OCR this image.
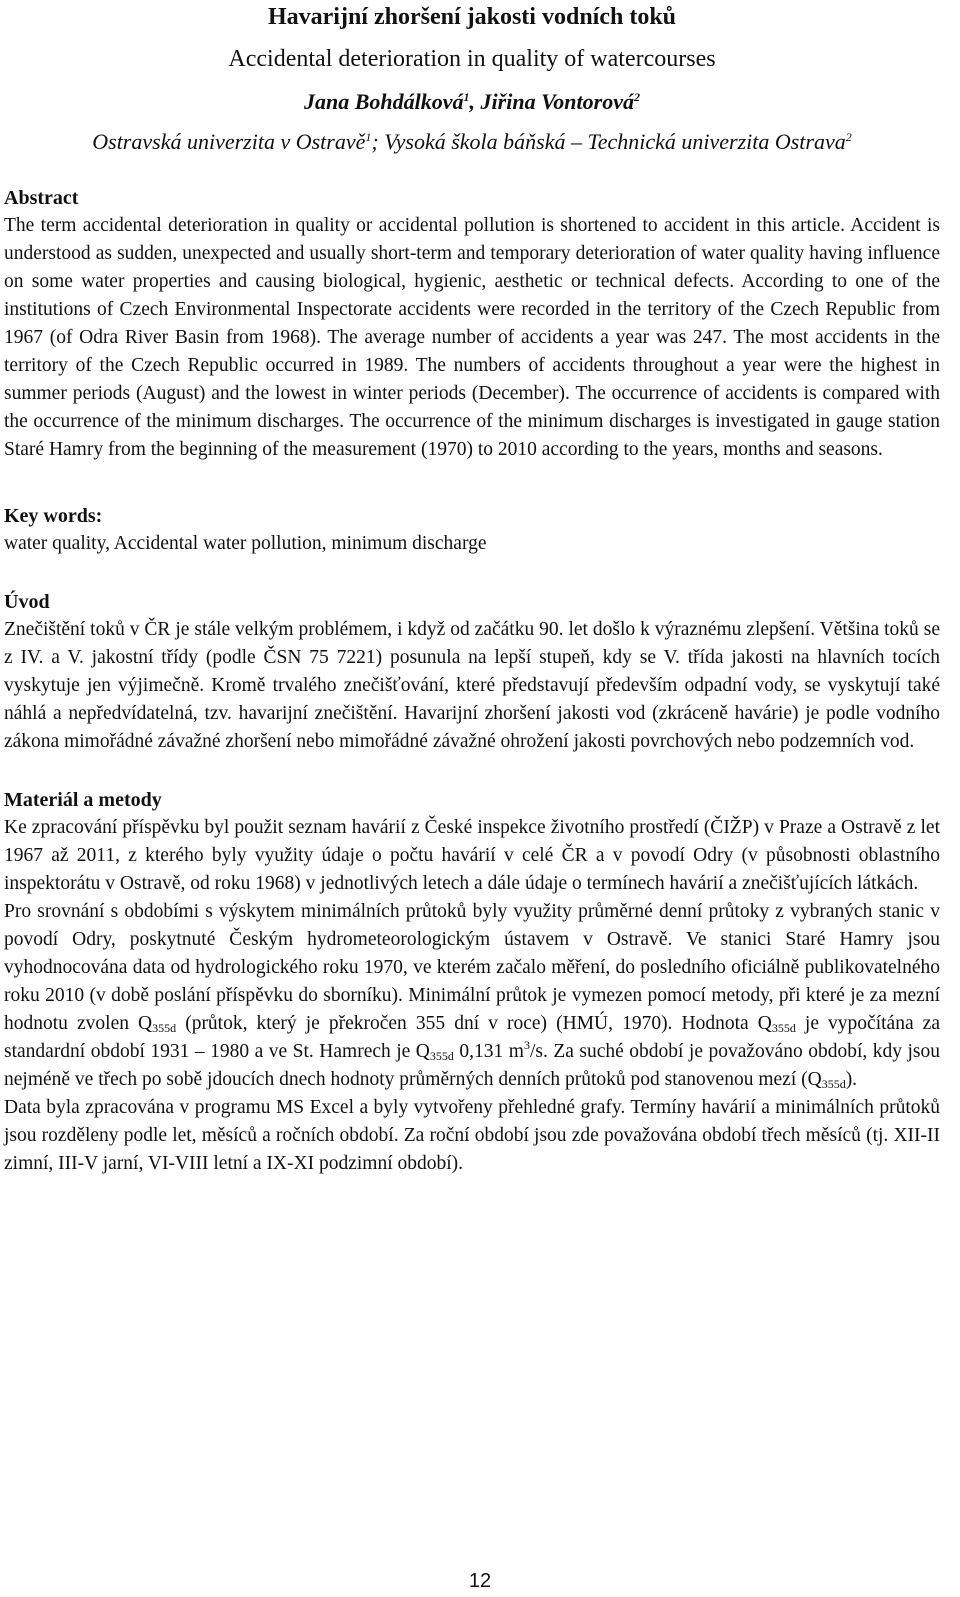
Havarijní zhoršení jakosti vodních toků
Accidental deterioration in quality of watercourses
Jana Bohdálková$^1$, Jiřina Vontorová$^2$
Ostravská univerzita v Ostravě$^1$; Vysoká škola báňská – Technická univerzita Ostrava$^2$
Abstract

The term accidental deterioration in quality or accidental pollution is shortened to accident in this article. Accident is understood as sudden, unexpected and usually short-term and temporary deterioration of water quality having influence on some water properties and causing biological, hygienic, aesthetic or technical defects. According to one of the institutions of Czech Environmental Inspectorate accidents were recorded in the territory of the Czech Republic from 1967 (of Odra River Basin from 1968). The average number of accidents a year was 247. The most accidents in the territory of the Czech Republic occurred in 1989. The numbers of accidents throughout a year were the highest in summer periods (August) and the lowest in winter periods (December). The occurrence of accidents is compared with the occurrence of the minimum discharges. The occurrence of the minimum discharges is investigated in gauge station Staré Hamry from the beginning of the measurement (1970) to 2010 according to the years, months and seasons.

Key words:

water quality, Accidental water pollution, minimum discharge

Úvod

Znečištění toků v ČR je stále velkým problémem, i když od začátku 90. let došlo k výraznému zlepšení. Většina toků se z IV. a V. jakostní třídy (podle ČSN 75 7221) posunula na lepší stupeň, kdy se V. třída jakosti na hlavních tocích vyskytuje jen výjimečně. Kromě trvalého znečišťování, které představují především odpadní vody, se vyskytují také náhlá a nepředvídatelná, tzv. havarijní znečištění. Havarijní zhoršení jakosti vod (zkráceně havárie) je podle vodního zákona mimořádné závažné zhoršení nebo mimořádné závažné ohrožení jakosti povrchových nebo podzemních vod.

Materiál a metody

Ke zpracování příspěvku byl použit seznam havárií z České inspekce životního prostředí (ČIŽP) v Praze a Ostravě z let 1967 až 2011, z kterého byly využity údaje o počtu havárií v celé ČR a v povodí Odry (v působnosti oblastního inspektorátu v Ostravě, od roku 1968) v jednotlivých letech a dále údaje o termínech havárií a znečišťujících látkách.

Pro srovnání s obdobími s výskytem minimálních průtoků byly využity průměrné denní průtoky z vybraných stanic v povodí Odry, poskytnuté Českým hydrometeorologickým ústavem v Ostravě. Ve stanici Staré Hamry jsou vyhodnocována data od hydrologického roku 1970, ve kterém začalo měření, do posledního oficiálně publikovatelného roku 2010 (v době poslání příspěvku do sborníku). Minimální průtok je vymezen pomocí metody, při které je za mezní hodnotu zvolen $Q_{355d}$ (průtok, který je překročen 355 dní v roce) (HMÚ, 1970). Hodnota $Q_{355d}$ je vypočítána za standardní období 1931 – 1980 a ve St. Hamrech je $Q_{355d}$ 0,131 $m^3/s$. Za suché období je považováno období, kdy jsou nejméně ve třech po sobě jdoucích dnech hodnoty průměrných denních průtoků pod stanovenou mezí $(Q_{355d})$.

Data byla zpracována v programu MS Excel a byly vytvořeny přehledné grafy. Termíny havárií a minimálních průtoků jsou rozděleny podle let, měsíců a ročních období. Za roční období jsou zde považována období třech měsíců (tj. XII-II zimní, III-V jarní, VI-VIII letní a IX-XI podzimní období).

12
